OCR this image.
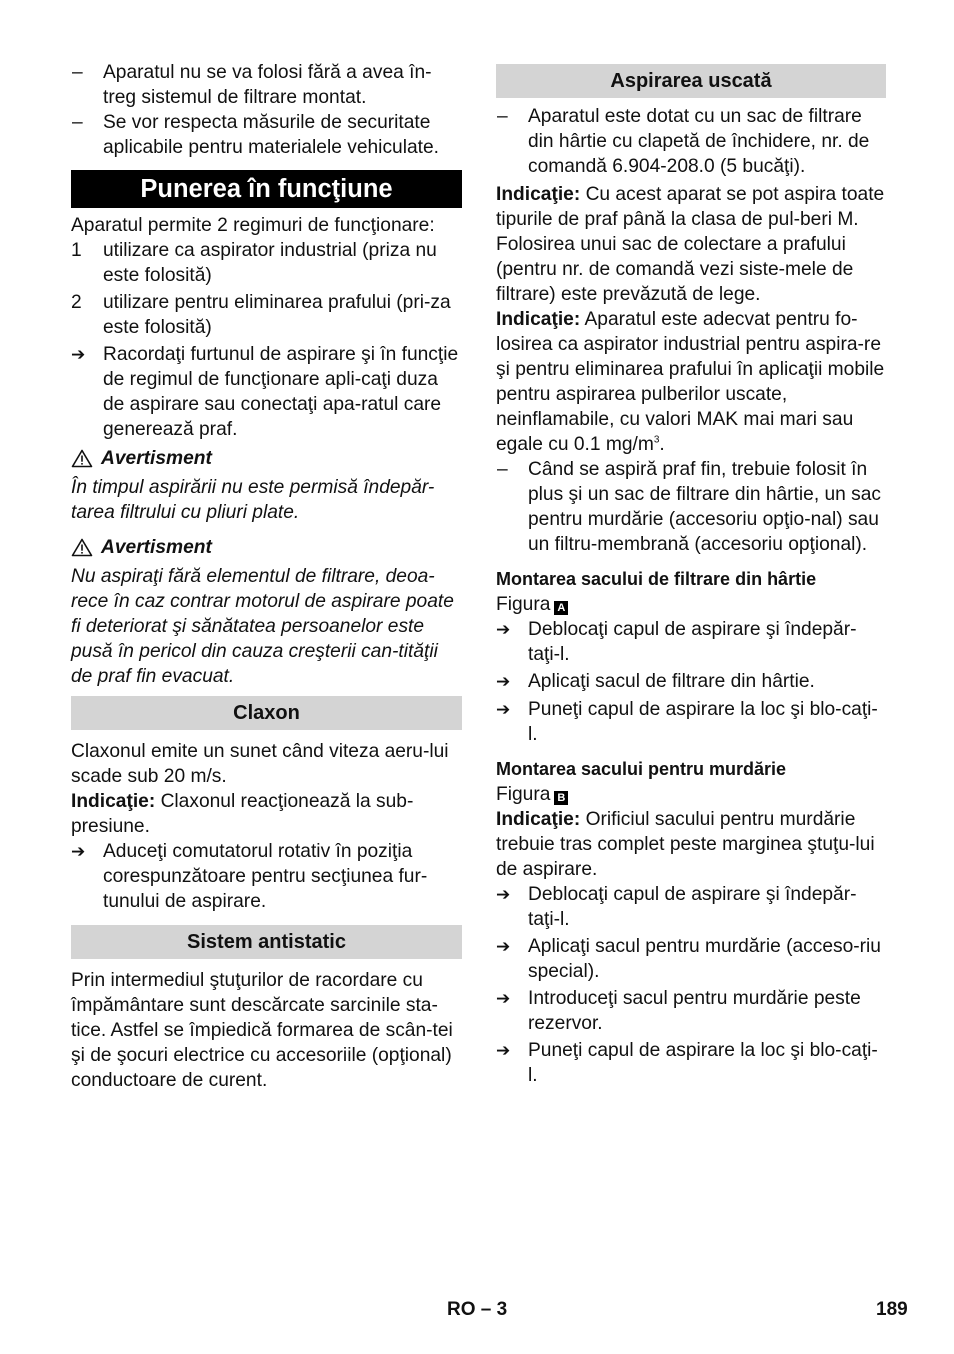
– Aparatul nu se va folosi fără a avea în-treg sistemul de filtrare montat.

– Se vor respecta măsurile de securitate aplicabile pentru materialele vehiculate.

Punerea în funcţiune

Aparatul permite 2 regimuri de funcţionare:

1 utilizare ca aspirator industrial (priza nu este folosită)

2 utilizare pentru eliminarea prafului (pri-za este folosită)

➔ Racordaţi furtunul de aspirare şi în funcţie de regimul de funcţionare apli-caţi duza de aspirare sau conectaţi apa-ratul care generează praf.

Avertisment

În timpul aspirării nu este permisă îndepăr-tarea filtrului cu pliuri plate.

Avertisment

Nu aspiraţi fără elementul de filtrare, deoa-rece în caz contrar motorul de aspirare poate fi deteriorat şi sănătatea persoanelor este pusă în pericol din cauza creşterii can-tităţii de praf fin evacuat.

Claxon

Claxonul emite un sunet când viteza aeru-lui scade sub 20 m/s.

Indicaţie: Claxonul reacţionează la sub-presiune.

➔ Aduceţi comutatorul rotativ în poziţia corespunzătoare pentru secţiunea fur-tunului de aspirare.

Sistem antistatic

Prin intermediul ştuţurilor de racordare cu împământare sunt descărcate sarcinile sta-tice. Astfel se împiedică formarea de scân-tei şi de şocuri electrice cu accesoriile (opţional) conductoare de curent.

Aspirarea uscată
– Aparatul este dotat cu un sac de filtrare din hârtie cu clapetă de închidere, nr. de comandă 6.904-208.0 (5 bucăţi).

Indicaţie: Cu acest aparat se pot aspira toate tipurile de praf până la clasa de pul-beri M. Folosirea unui sac de colectare a prafului (pentru nr. de comandă vezi siste-mele de filtrare) este prevăzută de lege.

Indicaţie: Aparatul este adecvat pentru fo-losirea ca aspirator industrial pentru aspira-re şi pentru eliminarea prafului în aplicaţii mobile pentru aspirarea pulberilor uscate, neinflamabile, cu valori MAK mai mari sau egale cu 0.1 $mg/m^3$.

– Când se aspiră praf fin, trebuie folosit în plus şi un sac de filtrare din hârtie, un sac pentru murdărie (accesoriu opţio-nal) sau un filtru-membrană (accesoriu opţional).

Montarea sacului de filtrare din hârtie

Figura A

➔ Deblocaţi capul de aspirare şi îndepăr-taţi-l.

➔ Aplicaţi sacul de filtrare din hârtie.

➔ Puneţi capul de aspirare la loc şi blo-caţi-l.

Montarea sacului pentru murdărie

Figura B

Indicaţie: Orificiul sacului pentru murdărie trebuie tras complet peste marginea ştuţu-lui de aspirare.

➔ Deblocaţi capul de aspirare şi îndepăr-taţi-l.

➔ Aplicaţi sacul pentru murdărie (acceso-riu special).

➔ Introduceţi sacul pentru murdărie peste rezervor.

➔ Puneţi capul de aspirare la loc şi blo-caţi-l.

RO – 3	189
